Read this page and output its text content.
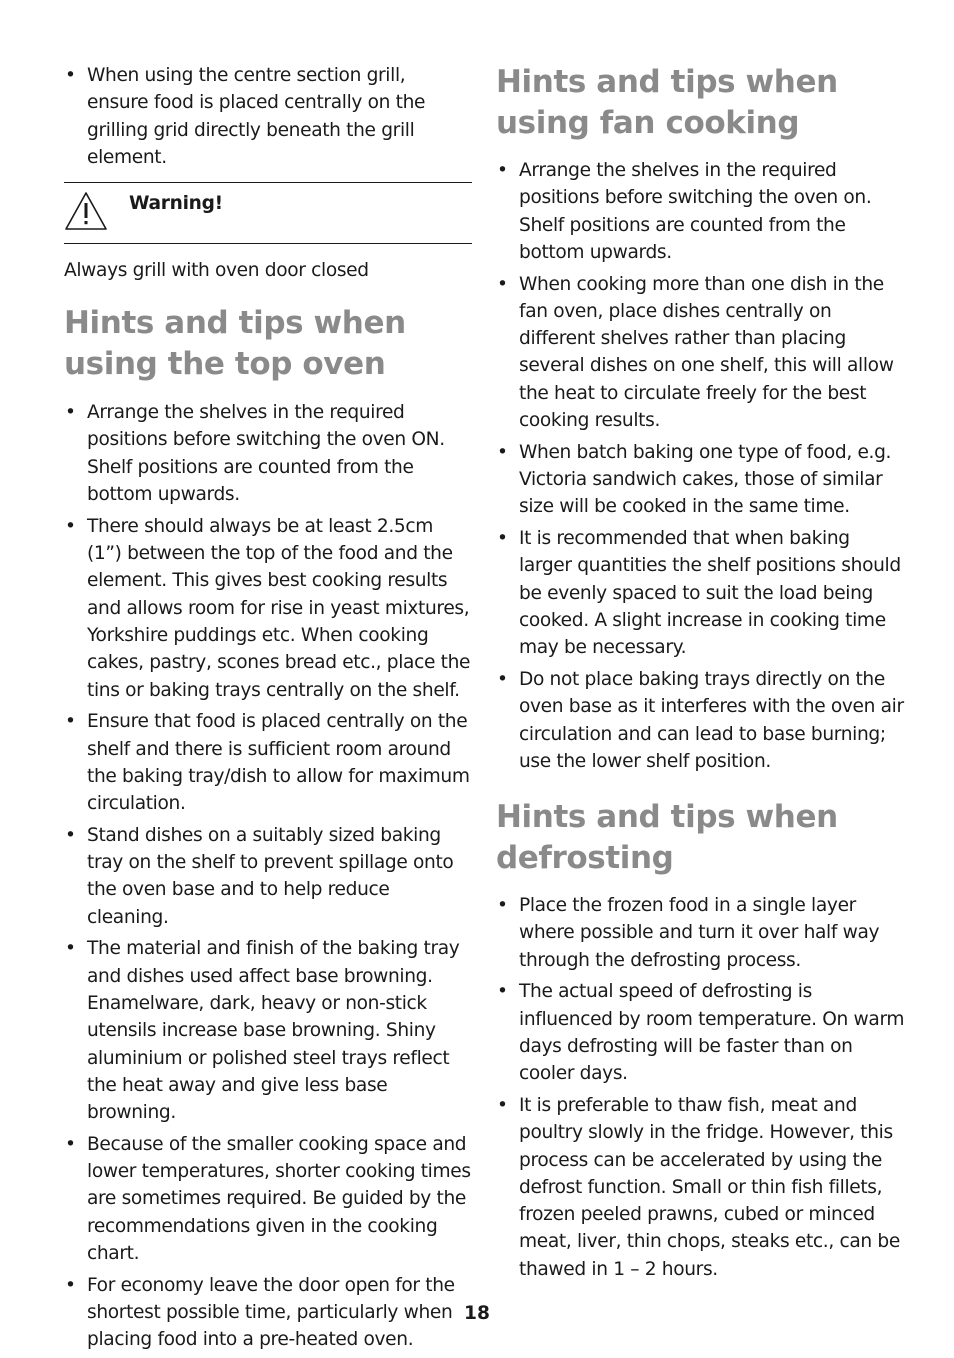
• When using the centre section grill, ensure food is placed centrally on the grilling grid directly beneath the grill element.
Warning!
Always grill with oven door closed
Hints and tips when using the top oven
• Arrange the shelves in the required positions before switching the oven ON. Shelf positions are counted from the bottom upwards.
• There should always be at least 2.5cm (1”) between the top of the food and the element. This gives best cooking results and allows room for rise in yeast mixtures, Yorkshire puddings etc. When cooking cakes, pastry, scones bread etc., place the tins or baking trays centrally on the shelf.
• Ensure that food is placed centrally on the shelf and there is sufficient room around the baking tray/dish to allow for maximum circulation.
• Stand dishes on a suitably sized baking tray on the shelf to prevent spillage onto the oven base and to help reduce cleaning.
• The material and finish of the baking tray and dishes used affect base browning. Enamelware, dark, heavy or non-stick utensils increase base browning. Shiny aluminium or polished steel trays reflect the heat away and give less base browning.
• Because of the smaller cooking space and lower temperatures, shorter cooking times are sometimes required. Be guided by the recommendations given in the cooking chart.
• For economy leave the door open for the shortest possible time, particularly when placing food into a pre-heated oven.
Hints and tips when using fan cooking
• Arrange the shelves in the required positions before switching the oven on. Shelf positions are counted from the bottom upwards.
• When cooking more than one dish in the fan oven, place dishes centrally on different shelves rather than placing several dishes on one shelf, this will allow the heat to circulate freely for the best cooking results.
• When batch baking one type of food, e.g. Victoria sandwich cakes, those of similar size will be cooked in the same time.
• It is recommended that when baking larger quantities the shelf positions should be evenly spaced to suit the load being cooked. A slight increase in cooking time may be necessary.
• Do not place baking trays directly on the oven base as it interferes with the oven air circulation and can lead to base burning; use the lower shelf position.
Hints and tips when defrosting
• Place the frozen food in a single layer where possible and turn it over half way through the defrosting process.
• The actual speed of defrosting is influenced by room temperature. On warm days defrosting will be faster than on cooler days.
• It is preferable to thaw fish, meat and poultry slowly in the fridge. However, this process can be accelerated by using the defrost function. Small or thin fish fillets, frozen peeled prawns, cubed or minced meat, liver, thin chops, steaks etc., can be thawed in 1 – 2 hours.
18
